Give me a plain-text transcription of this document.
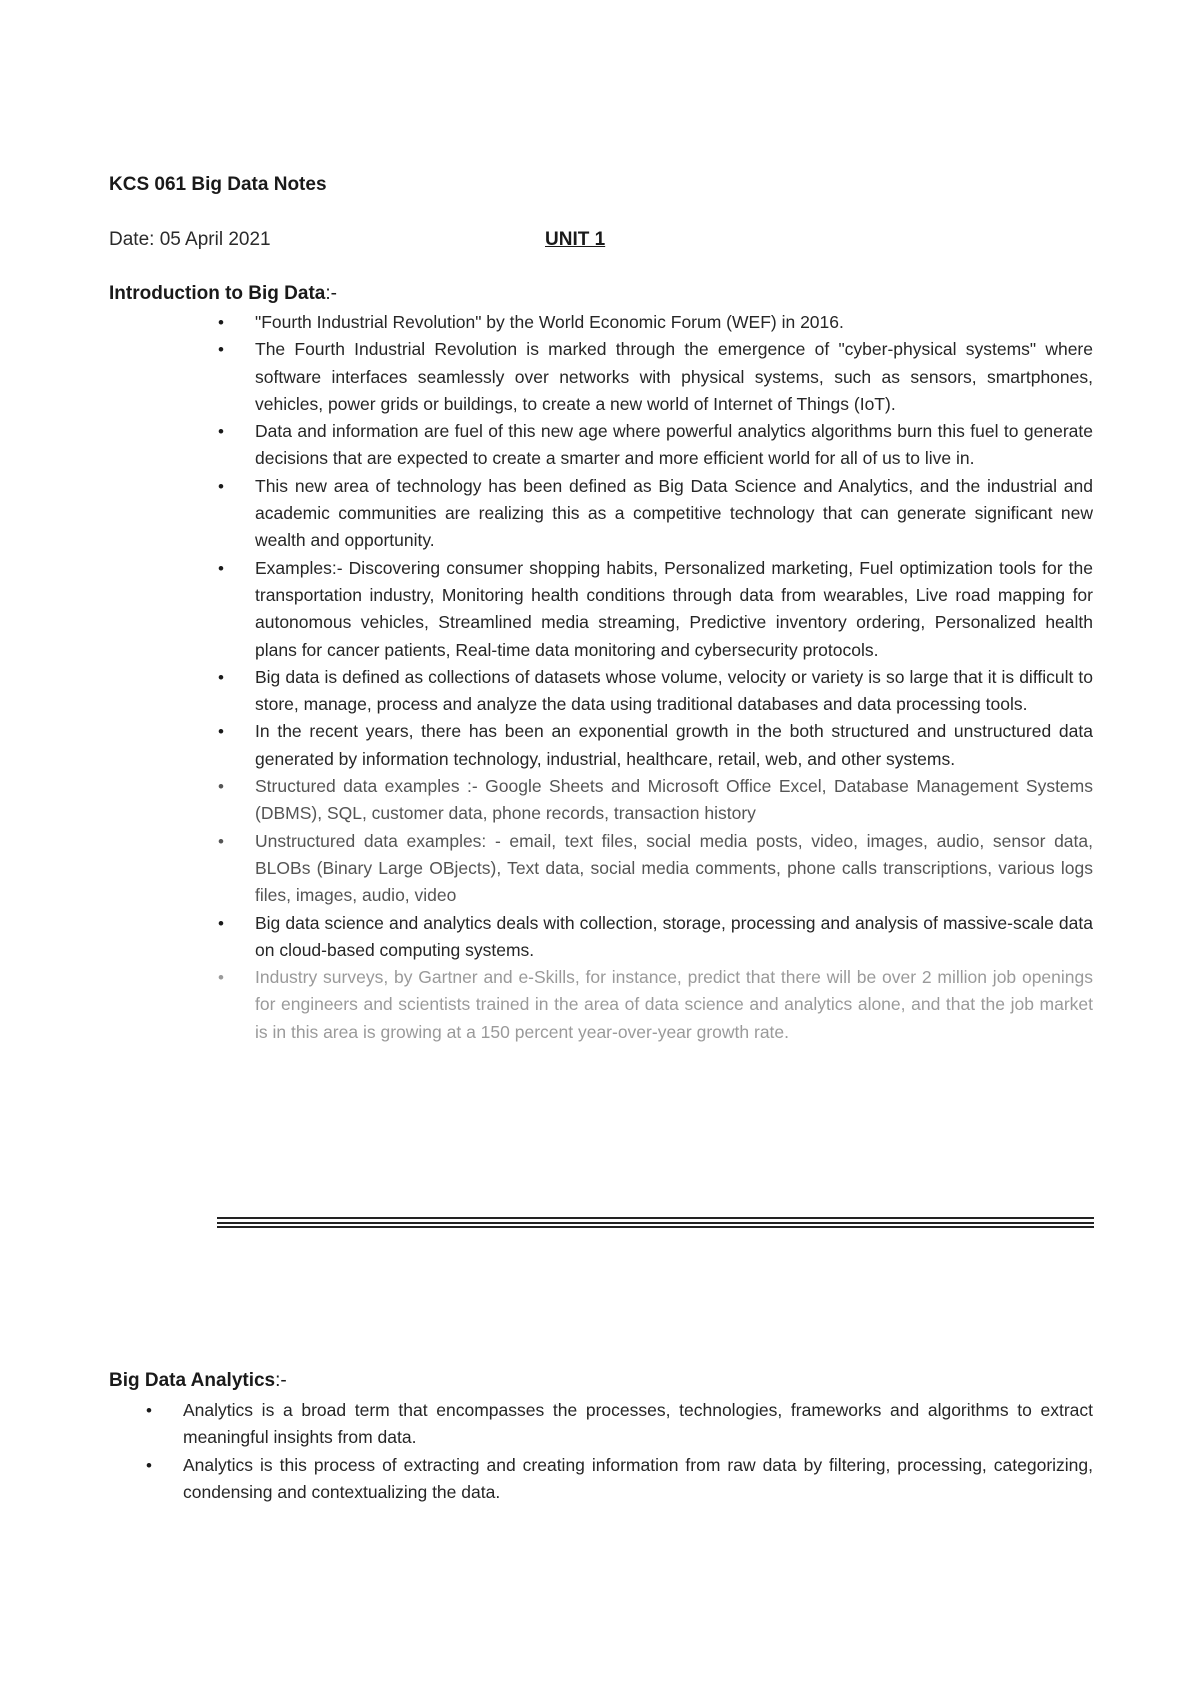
KCS 061 Big Data Notes
Date: 05 April 2021	UNIT 1
Introduction to Big Data:-
•	"Fourth Industrial Revolution" by the World Economic Forum (WEF) in 2016.
•	The Fourth Industrial Revolution is marked through the emergence of "cyber-physical systems" where software interfaces seamlessly over networks with physical systems, such as sensors, smartphones, vehicles, power grids or buildings, to create a new world of Internet of Things (IoT).
•	Data and information are fuel of this new age where powerful analytics algorithms burn this fuel to generate decisions that are expected to create a smarter and more efficient world for all of us to live in.
•	This new area of technology has been defined as Big Data Science and Analytics, and the industrial and academic communities are realizing this as a competitive technology that can generate significant new wealth and opportunity.
•	Examples:- Discovering consumer shopping habits, Personalized marketing, Fuel optimization tools for the transportation industry, Monitoring health conditions through data from wearables, Live road mapping for autonomous vehicles, Streamlined media streaming, Predictive inventory ordering, Personalized health plans for cancer patients, Real-time data monitoring and cybersecurity protocols.
•	Big data is defined as collections of datasets whose volume, velocity or variety is so large that it is difficult to store, manage, process and analyze the data using traditional databases and data processing tools.
•	In the recent years, there has been an exponential growth in the both structured and unstructured data generated by information technology, industrial, healthcare, retail, web, and other systems.
•	Structured data examples :- Google Sheets and Microsoft Office Excel, Database Management Systems (DBMS), SQL, customer data, phone records, transaction history
•	Unstructured data examples: - email, text files, social media posts, video, images, audio, sensor data, BLOBs (Binary Large OBjects), Text data, social media comments, phone calls transcriptions, various logs files, images, audio, video
•	Big data science and analytics deals with collection, storage, processing and analysis of massive-scale data on cloud-based computing systems.
•	Industry surveys, by Gartner and e-Skills, for instance, predict that there will be over 2 million job openings for engineers and scientists trained in the area of data science and analytics alone, and that the job market is in this area is growing at a 150 percent year-over-year growth rate.
Big Data Analytics:-
•	Analytics is a broad term that encompasses the processes, technologies, frameworks and algorithms to extract meaningful insights from data.
•	Analytics is this process of extracting and creating information from raw data by filtering, processing, categorizing, condensing and contextualizing the data.
